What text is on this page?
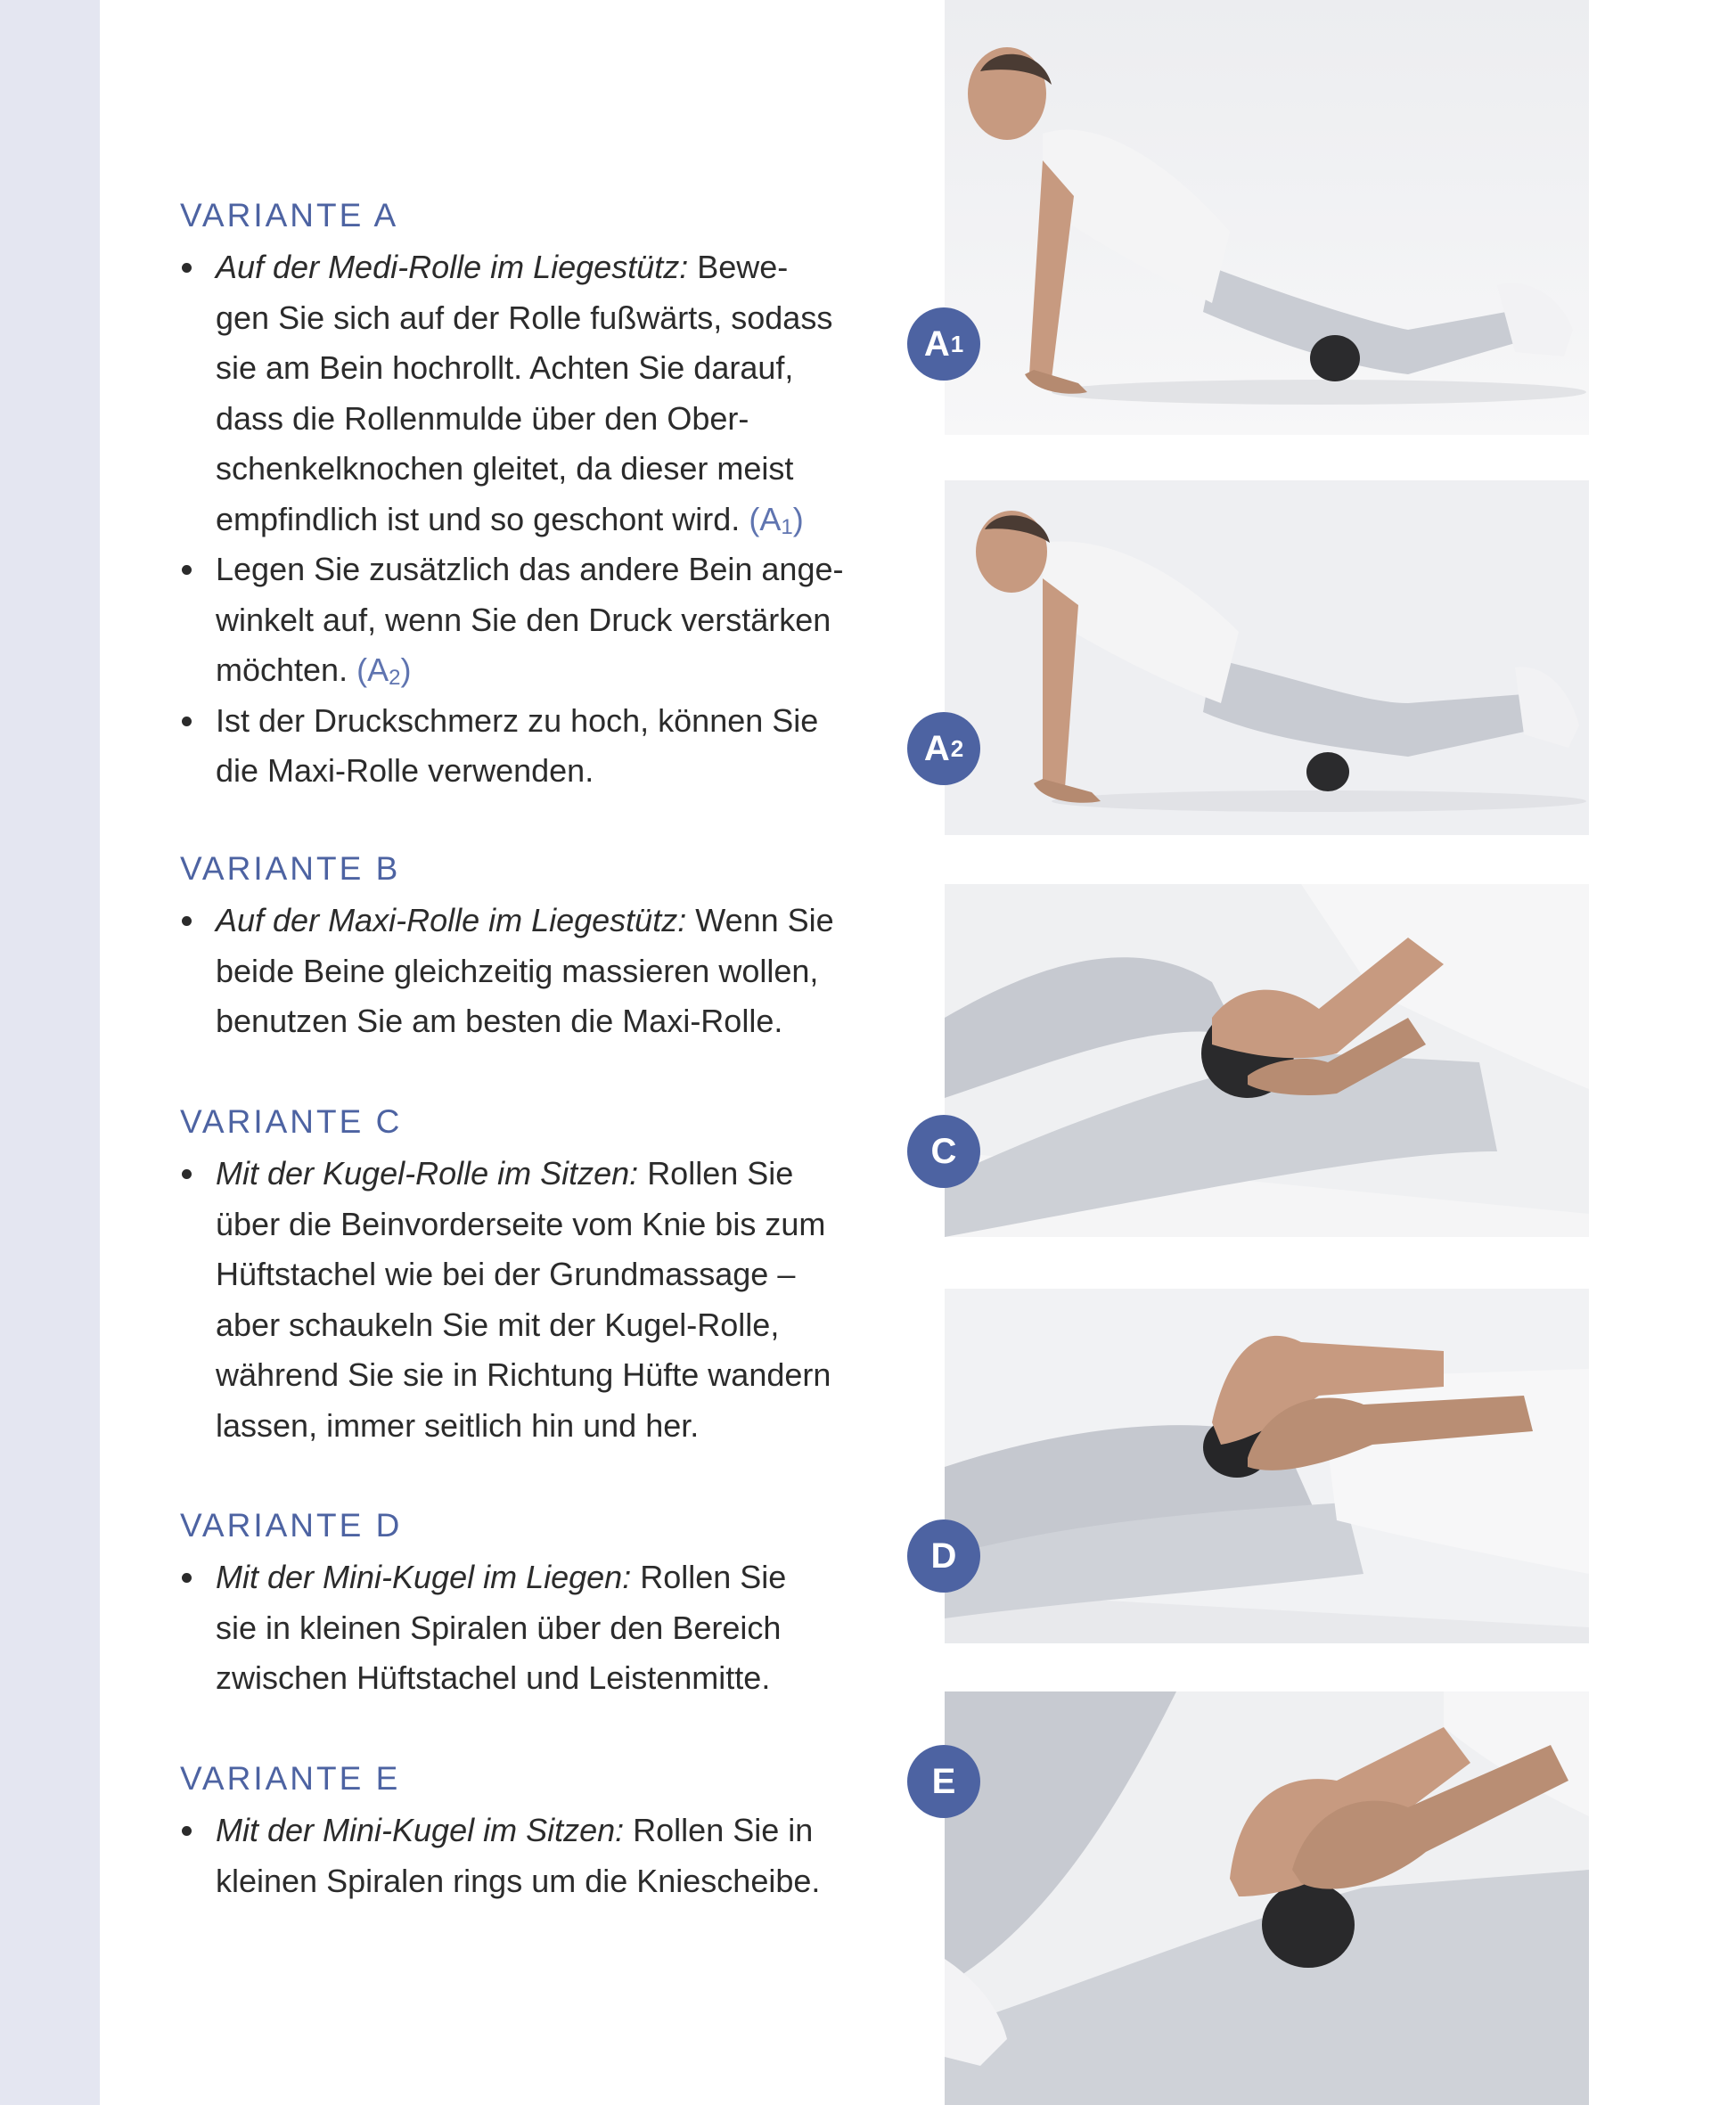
VARIANTE A
Auf der Medi-Rolle im Liegestütz: Bewe-
gen Sie sich auf der Rolle fußwärts, sodass
sie am Bein hochrollt. Achten Sie darauf,
dass die Rollenmulde über den Ober-
schenkelknochen gleitet, da dieser meist
empfindlich ist und so geschont wird. $(A_1)$
Legen Sie zusätzlich das andere Bein ange-
winkelt auf, wenn Sie den Druck verstärken
möchten. $(A_2)$
Ist der Druckschmerz zu hoch, können Sie
die Maxi-Rolle verwenden.
VARIANTE B
Auf der Maxi-Rolle im Liegestütz: Wenn Sie
beide Beine gleichzeitig massieren wollen,
benutzen Sie am besten die Maxi-Rolle.
VARIANTE C
Mit der Kugel-Rolle im Sitzen: Rollen Sie
über die Beinvorderseite vom Knie bis zum
Hüftstachel wie bei der Grundmassage –
aber schaukeln Sie mit der Kugel-Rolle,
während Sie sie in Richtung Hüfte wandern
lassen, immer seitlich hin und her.
VARIANTE D
Mit der Mini-Kugel im Liegen: Rollen Sie
sie in kleinen Spiralen über den Bereich
zwischen Hüftstachel und Leistenmitte.
VARIANTE E
Mit der Mini-Kugel im Sitzen: Rollen Sie in
kleinen Spiralen rings um die Kniescheibe.
A 1
A 2
C
D
E
